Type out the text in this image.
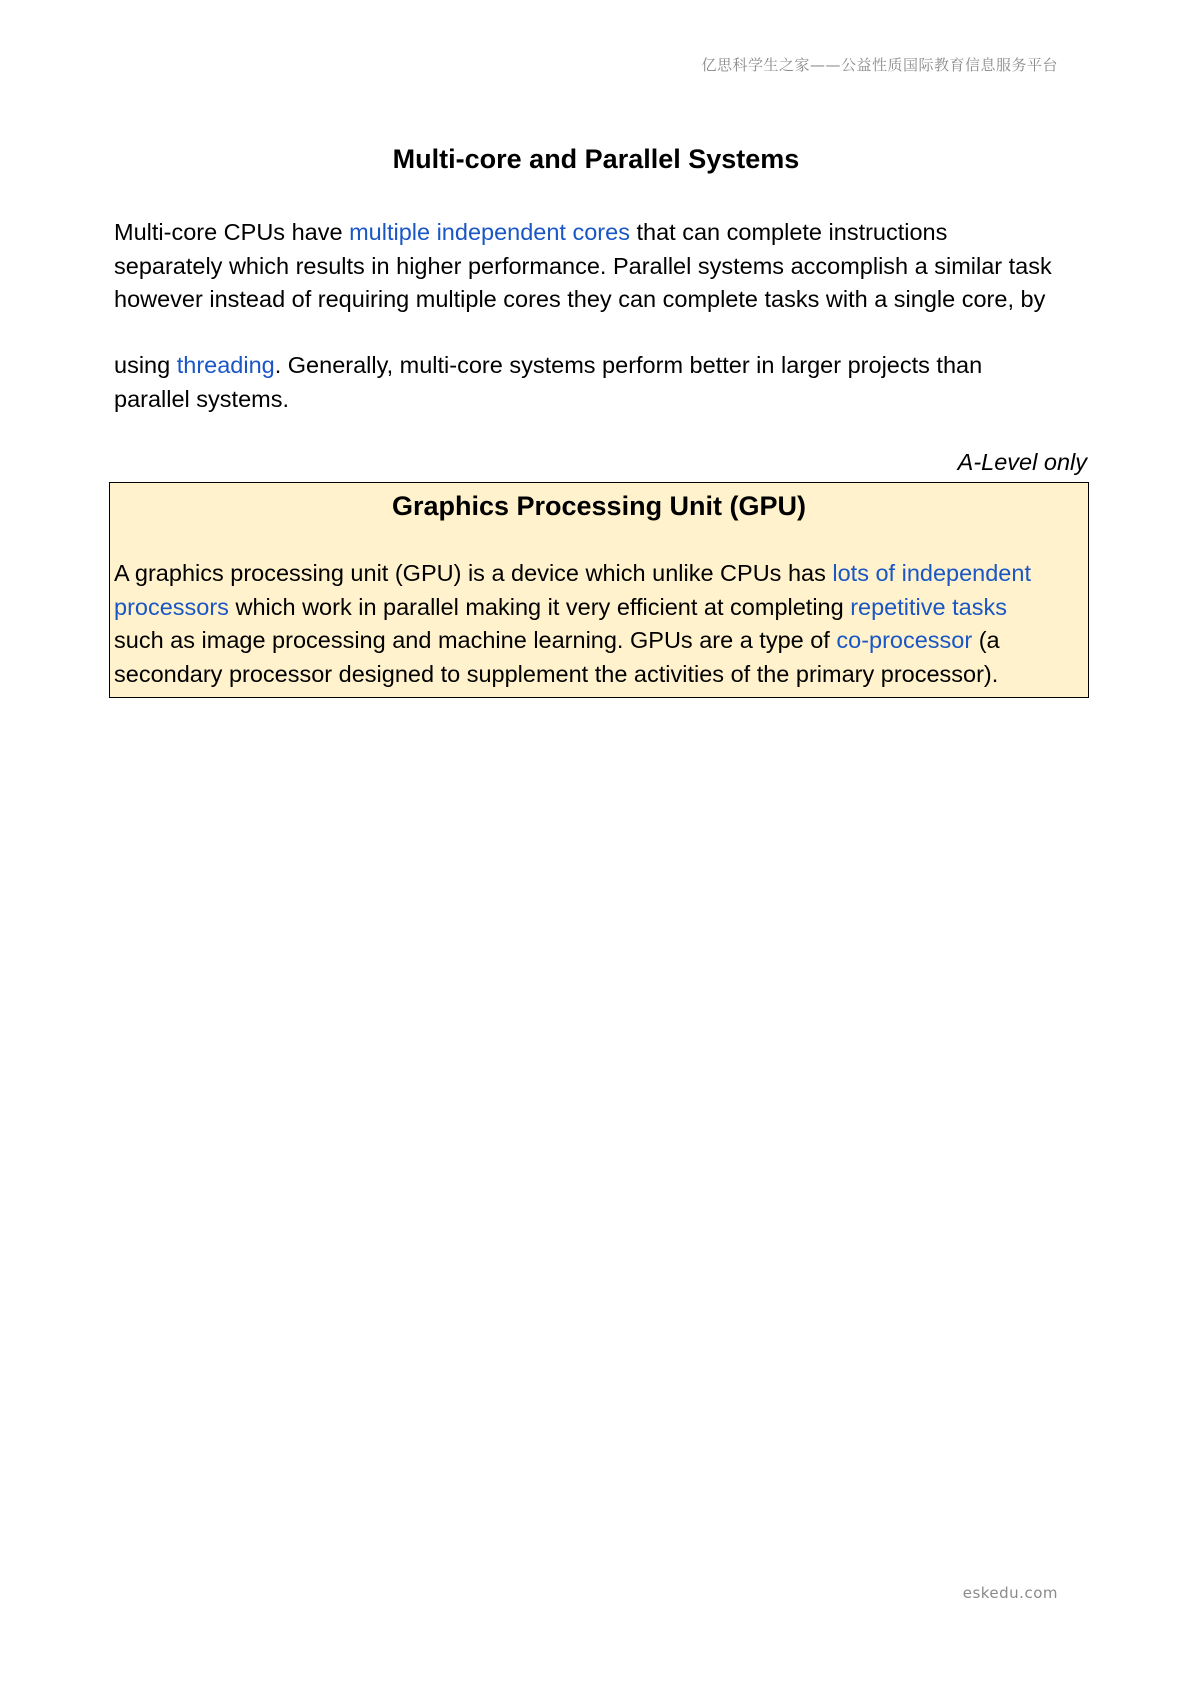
亿思科学生之家——公益性质国际教育信息服务平台
Multi-core and Parallel Systems

Multi-core CPUs have multiple independent cores that can complete instructions
separately which results in higher performance. Parallel systems accomplish a similar task
however instead of requiring multiple cores they can complete tasks with a single core, by

using threading. Generally, multi-core systems perform better in larger projects than
parallel systems.

A-Level only
Graphics Processing Unit (GPU)

A graphics processing unit (GPU) is a device which unlike CPUs has lots of independent
processors which work in parallel making it very efficient at completing repetitive tasks
such as image processing and machine learning. GPUs are a type of co-processor (a
secondary processor designed to supplement the activities of the primary processor).

eskedu.com
